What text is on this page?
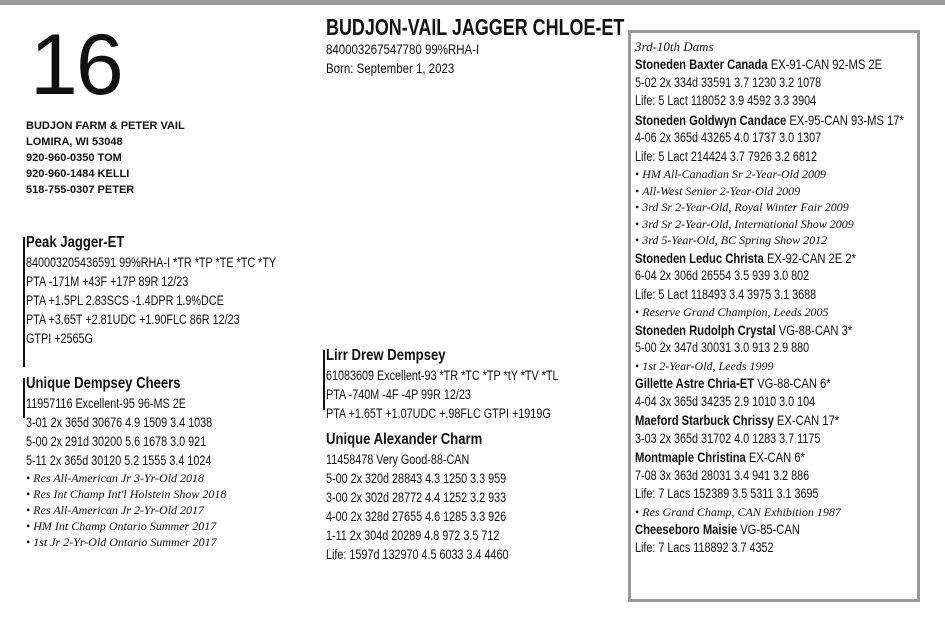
16
BUDJON FARM & PETER VAIL
LOMIRA, WI 53048
920-960-0350 TOM
920-960-1484 KELLI
518-755-0307 PETER
BUDJON-VAIL JAGGER CHLOE-ET
840003267547780 99%RHA-I
Born: September 1, 2023
Peak Jagger-ET
840003205436591 99%RHA-I *TR *TP *TE *TC *TY
PTA -171M +43F +17P 89R 12/23
PTA +1.5PL 2.83SCS -1.4DPR 1.9%DCE
PTA +3.65T +2.81UDC +1.90FLC 86R 12/23
GTPI +2565G
Unique Dempsey Cheers
11957116 Excellent-95 96-MS 2E
3-01 2x 365d 30676 4.9 1509 3.4 1038
5-00 2x 291d 30200 5.6 1678 3.0 921
5-11 2x 365d 30120 5.2 1555 3.4 1024
• Res All-American Jr 3-Yr-Old 2018
• Res Int Champ Int'l Holstein Show 2018
• Res All-American Jr 2-Yr-Old 2017
• HM Int Champ Ontario Summer 2017
• 1st Jr 2-Yr-Old Ontario Summer 2017
Lirr Drew Dempsey
61083609 Excellent-93 *TR *TC *TP *tY *TV *TL
PTA -740M -4F -4P 99R 12/23
PTA +1.65T +1.07UDC +.98FLC GTPI +1919G
Unique Alexander Charm
11458478 Very Good-88-CAN
5-00 2x 320d 28843 4.3 1250 3.3 959
3-00 2x 302d 28772 4.4 1252 3.2 933
4-00 2x 328d 27655 4.6 1285 3.3 926
1-11 2x 304d 20289 4.8 972 3.5 712
Life: 1597d 132970 4.5 6033 3.4 4460
3rd-10th Dams
Stoneden Baxter Canada EX-91-CAN 92-MS 2E
5-02 2x 334d 33591 3.7 1230 3.2 1078
Life: 5 Lact 118052 3.9 4592 3.3 3904
Stoneden Goldwyn Candace EX-95-CAN 93-MS 17*
4-06 2x 365d 43265 4.0 1737 3.0 1307
Life: 5 Lact 214424 3.7 7926 3.2 6812
• HM All-Canadian Sr 2-Year-Old 2009
• All-West Senior 2-Year-Old 2009
• 3rd Sr 2-Year-Old, Royal Winter Fair 2009
• 3rd Sr 2-Year-Old, International Show 2009
• 3rd 5-Year-Old, BC Spring Show 2012
Stoneden Leduc Christa EX-92-CAN 2E 2*
6-04 2x 306d 26554 3.5 939 3.0 802
Life: 5 Lact 118493 3.4 3975 3.1 3688
• Reserve Grand Champion, Leeds 2005
Stoneden Rudolph Crystal VG-88-CAN 3*
5-00 2x 347d 30031 3.0 913 2.9 880
• 1st 2-Year-Old, Leeds 1999
Gillette Astre Chria-ET VG-88-CAN 6*
4-04 3x 365d 34235 2.9 1010 3.0 104
Maeford Starbuck Chrissy EX-CAN 17*
3-03 2x 365d 31702 4.0 1283 3.7 1175
Montmaple Christina EX-CAN 6*
7-08 3x 363d 28031 3.4 941 3.2 886
Life: 7 Lacs 152389 3.5 5311 3.1 3695
• Res Grand Champ, CAN Exhibition 1987
Cheeseboro Maisie VG-85-CAN
Life: 7 Lacs 118892 3.7 4352
